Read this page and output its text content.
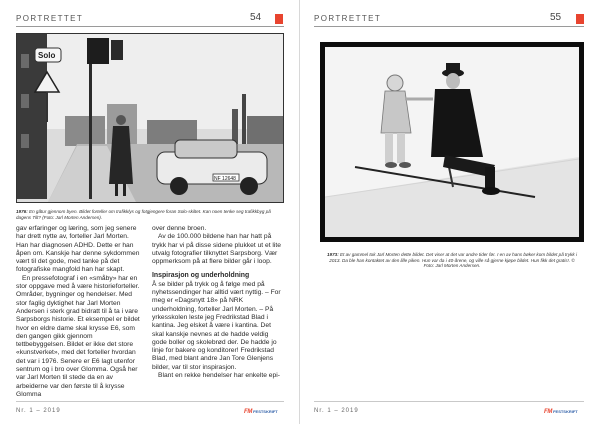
PORTRETTET	54
Solo
NF 12648
1976: En gåtur gjennom byen. Bildet forteller om trafikklys og fotgjengere foran Solo-skiltet. Kan noen tenke seg trafikkbyg på dagens Tilt? (Foto: Jarl Morten Andersen).

gav erfaringer og læring, som jeg senere har drett nytte av, forteller Jarl Morten. Han har diagnosen ADHD. Dette er han åpen om. Kanskje har denne sykdommen vært til det gode, med tanke på det fotografiske mangfold han har skapt.

En pressefotograf i en «småby» har en stor oppgave med å være historieforteller. Områder, bygninger og hendelser. Med stor faglig dyktighet har Jarl Morten Andersen i sterk grad bidratt til å ta i vare Sarpsborgs historie. Et eksempel er bildet hvor en eldre dame skal krysse E6, som den gangen gikk gjennom tettbebyggelsen. Bildet er ikke det store «kunstverket», med det forteller hvordan det var i 1976. Senere er E6 lagt utenfor sentrum og i bro over Glomma. Også her var Jarl Morten til stede da en av arbeiderne var den første til å krysse Glomma

over denne broen.

Av de 100.000 bildene han har hatt på trykk har vi på disse sidene plukket ut et lite utvalg fotografier tilknyttet Sarpsborg. Vær oppmerksom på at flere bilder går i loop.

Inspirasjon og underholdning

Å se bilder på trykk og å følge med på nyhetssendinger har alltid vært nyttig. – For meg er «Dagsnytt 18» på NRK underholdning, forteller Jarl Morten. – På yrkesskolen leste jeg Fredrikstad Blad i kantina. Jeg elsket å være i kantina. Det skal kanskje nevnes at de hadde veldig gode boller og skolebrød der. De hadde jo linje for bakere og konditorer! Fredrikstad Blad, med blant andre Jan Tore Glenjens bilder, var til stor inspirasjon.

Blant en rekke hendelser har enkelte epi-

Nr. 1 – 2019	FMFESTSKRIFT
PORTRETTET	55
1973: Et av gammel tok Jarl Morten dette bildet. Det viser at det var andre tider før. I en av hans bøker kom bildet på trykk i 2013. Da ble han kontaktet av den lille piken. Hun var da i 40-årene, og ville så gjerne kjøpe bildet. Hun fikk det gratis!. © Foto: Jarl Morten Andersen.
Nr. 1 – 2019	FMFESTSKRIFT
